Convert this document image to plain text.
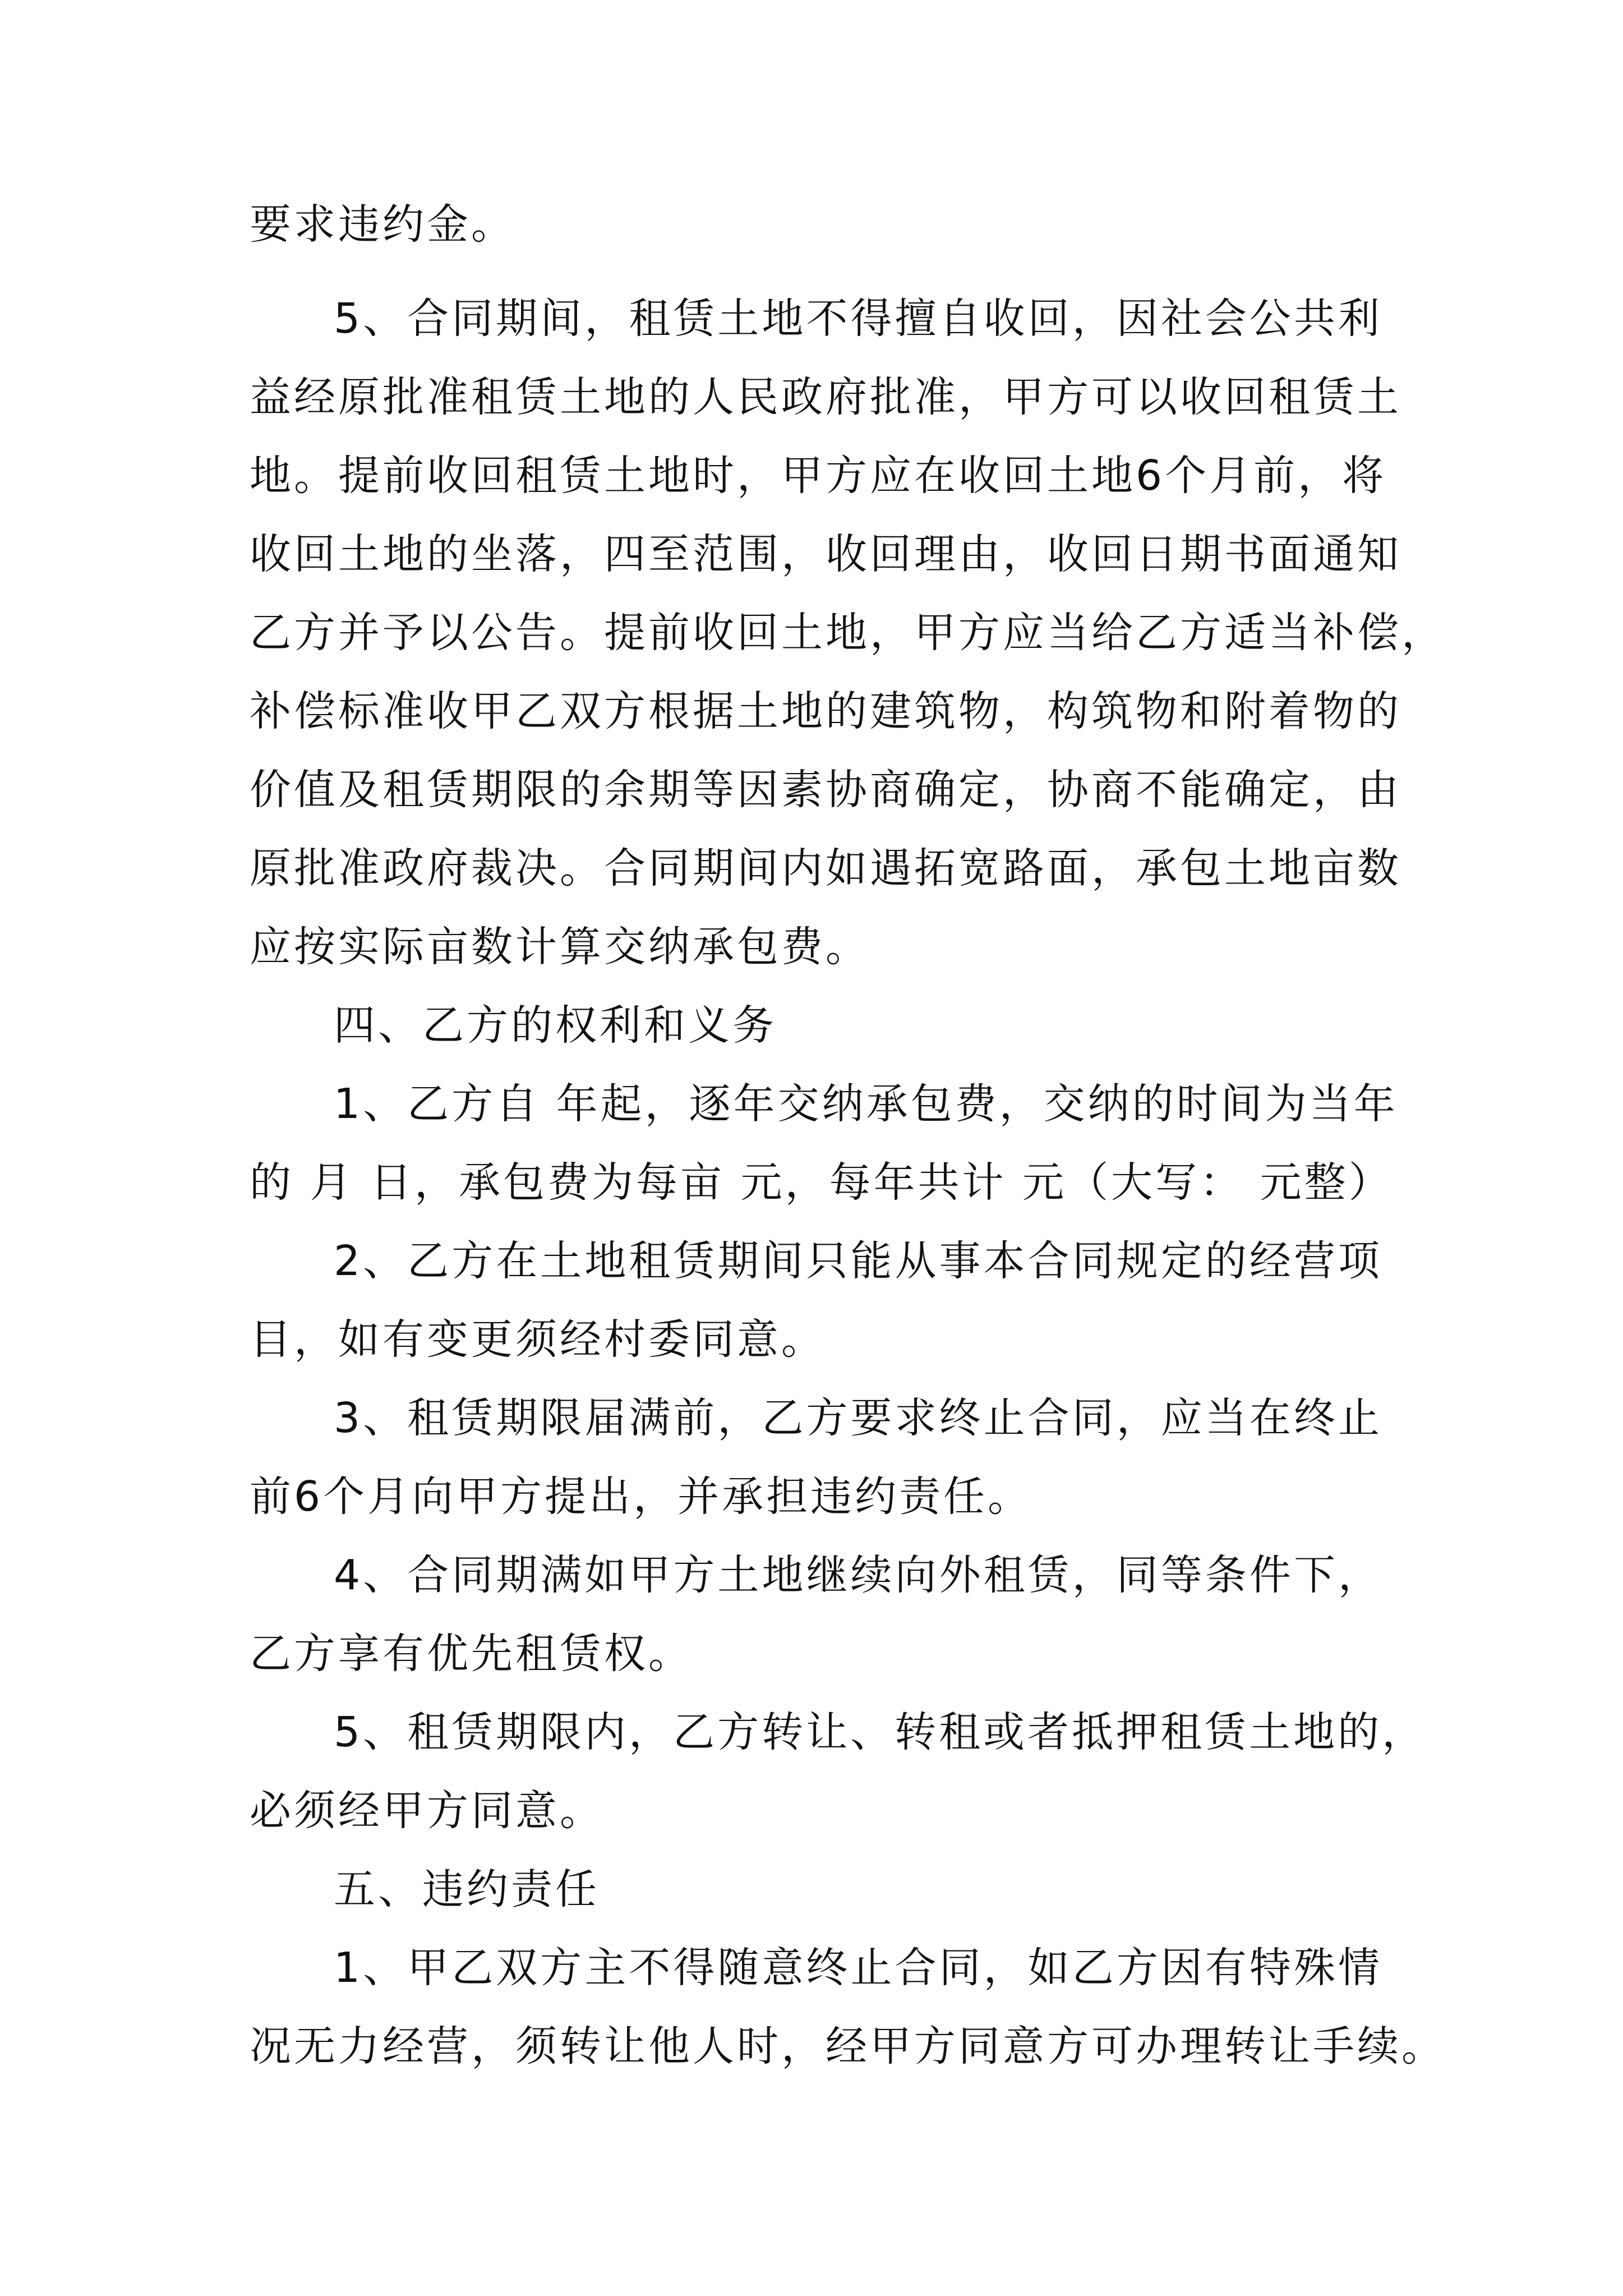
要求违约金。

5、合同期间，租赁土地不得擅自收回，因社会公共利

益经原批准租赁土地的人民政府批准，甲方可以收回租赁土

地。提前收回租赁土地时，甲方应在收回土地6个月前，将

收回土地的坐落，四至范围，收回理由，收回日期书面通知

乙方并予以公告。提前收回土地，甲方应当给乙方适当补偿，

补偿标准收甲乙双方根据土地的建筑物，构筑物和附着物的

价值及租赁期限的余期等因素协商确定，协商不能确定，由

原批准政府裁决。合同期间内如遇拓宽路面，承包土地亩数

应按实际亩数计算交纳承包费。

四、乙方的权利和义务

1、乙方自 年起，逐年交纳承包费，交纳的时间为当年

的 月 日，承包费为每亩 元，每年共计 元（大写： 元整）

2、乙方在土地租赁期间只能从事本合同规定的经营项

目，如有变更须经村委同意。

3、租赁期限届满前，乙方要求终止合同，应当在终止

前6个月向甲方提出，并承担违约责任。

4、合同期满如甲方土地继续向外租赁，同等条件下，

乙方享有优先租赁权。

5、租赁期限内，乙方转让、转租或者抵押租赁土地的，

必须经甲方同意。

五、违约责任

1、甲乙双方主不得随意终止合同，如乙方因有特殊情

况无力经营，须转让他人时，经甲方同意方可办理转让手续。
